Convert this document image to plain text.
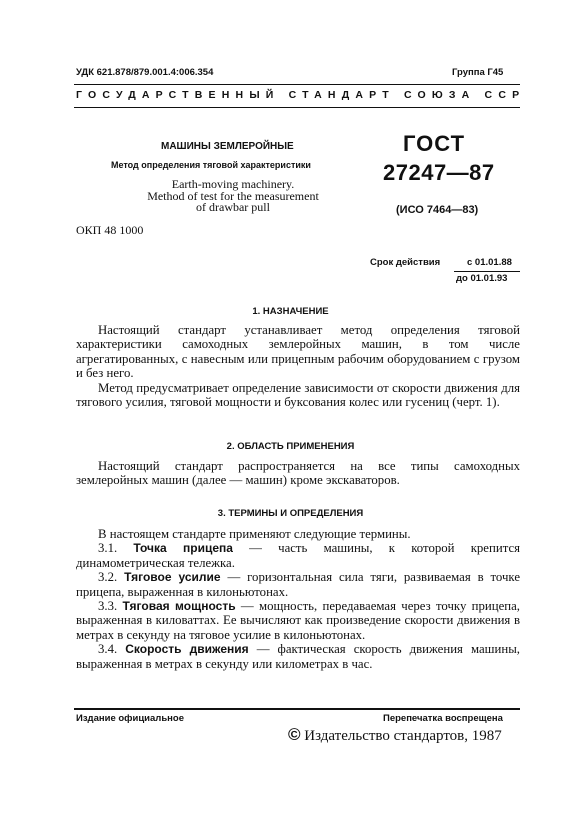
УДК 621.878/879.001.4:006.354	Группа Г45
ГОСУДАРСТВЕННЫЙ СТАНДАРТ СОЮЗА ССР
МАШИНЫ ЗЕМЛЕРОЙНЫЕ
Метод определения тяговой характеристики
Earth-moving machinery.
Method of test for the measurement
of drawbar pull
ОКП 48 1000
ГОСТ
27247—87
(ИСО 7464—83)
Срок действия	с 01.01.88
до 01.01.93
1. НАЗНАЧЕНИЕ

Настоящий стандарт устанавливает метод определения тяговой характеристики самоходных землеройных машин, в том числе агрегатированных, с навесным или прицепным рабочим оборудованием с грузом и без него.

Метод предусматривает определение зависимости от скорости движения для тягового усилия, тяговой мощности и буксования колес или гусениц (черт. 1).

2. ОБЛАСТЬ ПРИМЕНЕНИЯ

Настоящий стандарт распространяется на все типы самоходных землеройных машин (далее — машин) кроме экскаваторов.

3. ТЕРМИНЫ И ОПРЕДЕЛЕНИЯ

В настоящем стандарте применяют следующие термины.

3.1. Точка прицепа — часть машины, к которой крепится динамометрическая тележка.

3.2. Тяговое усилие — горизонтальная сила тяги, развиваемая в точке прицепа, выраженная в килоньютонах.

3.3. Тяговая мощность — мощность, передаваемая через точку прицепа, выраженная в киловаттах. Ее вычисляют как произведение скорости движения в метрах в секунду на тяговое усилие в килоньютонах.

3.4. Скорость движения — фактическая скорость движения машины, выраженная в метрах в секунду или километрах в час.

Издание официальное	Перепечатка воспрещена
© Издательство стандартов, 1987
